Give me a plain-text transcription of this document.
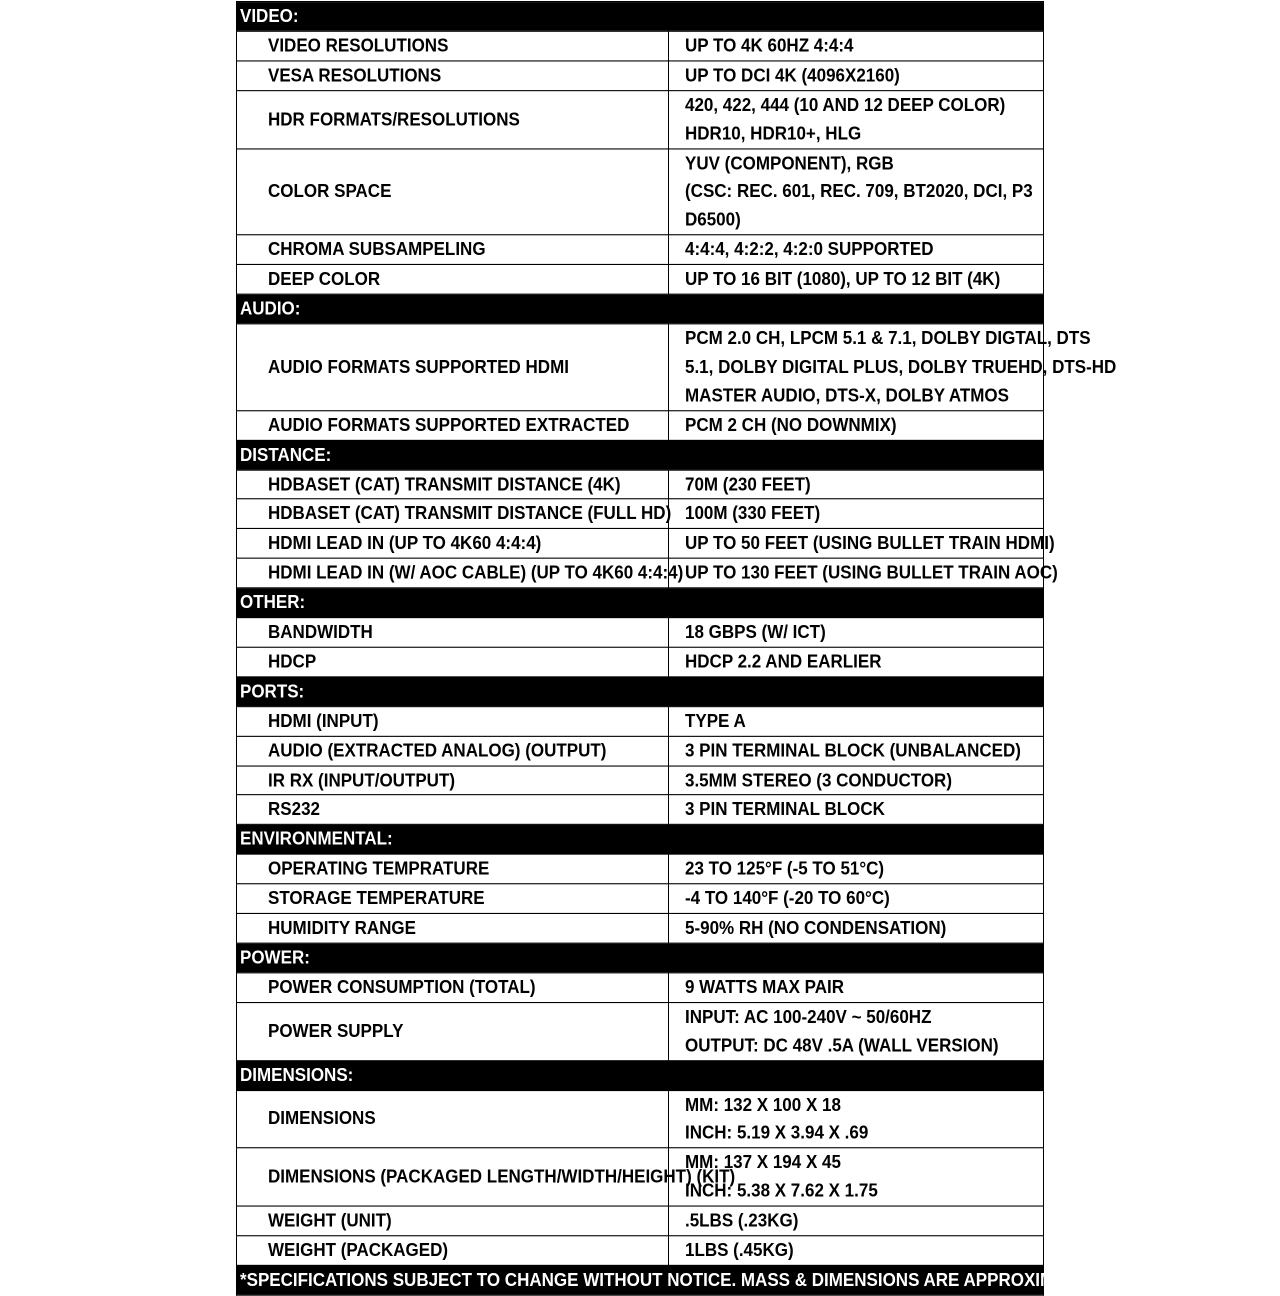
VIDEO:	
VIDEO RESOLUTIONS	UP TO 4K 60HZ 4:4:4

VESA RESOLUTIONS	UP TO DCI 4K (4096X2160)

HDR FORMATS/RESOLUTIONS	420, 422, 444 (10 AND 12 DEEP COLOR)
HDR10, HDR10+, HLG

COLOR SPACE	YUV (COMPONENT), RGB
(CSC: REC. 601, REC. 709, BT2020, DCI, P3
D6500)

CHROMA SUBSAMPELING	4:4:4, 4:2:2, 4:2:0 SUPPORTED

DEEP COLOR	UP TO 16 BIT (1080), UP TO 12 BIT (4K)

AUDIO:	
AUDIO FORMATS SUPPORTED HDMI	PCM 2.0 CH, LPCM 5.1 & 7.1, DOLBY DIGTAL, DTS
5.1, DOLBY DIGITAL PLUS, DOLBY TRUEHD, DTS-HD
MASTER AUDIO, DTS-X, DOLBY ATMOS

AUDIO FORMATS SUPPORTED EXTRACTED	PCM 2 CH (NO DOWNMIX)

DISTANCE:	
HDBASET (CAT) TRANSMIT DISTANCE (4K)	70M (230 FEET)

HDBASET (CAT) TRANSMIT DISTANCE (FULL HD)	100M (330 FEET)

HDMI LEAD IN (UP TO 4K60 4:4:4)	UP TO 50 FEET (USING BULLET TRAIN HDMI)

HDMI LEAD IN (W/ AOC CABLE) (UP TO 4K60 4:4:4)	UP TO 130 FEET (USING BULLET TRAIN AOC)

OTHER:	
BANDWIDTH	18 GBPS (W/ ICT)

HDCP	HDCP 2.2 AND EARLIER

PORTS:	
HDMI (INPUT)	TYPE A

AUDIO (EXTRACTED ANALOG) (OUTPUT)	3 PIN TERMINAL BLOCK (UNBALANCED)

IR RX (INPUT/OUTPUT)	3.5MM STEREO (3 CONDUCTOR)

RS232	3 PIN TERMINAL BLOCK

ENVIRONMENTAL:	
OPERATING TEMPRATURE	23 TO 125°F (-5 TO 51°C)

STORAGE TEMPERATURE	-4 TO 140°F (-20 TO 60°C)

HUMIDITY RANGE	5-90% RH (NO CONDENSATION)

POWER:	
POWER CONSUMPTION (TOTAL)	9 WATTS MAX PAIR

POWER SUPPLY	INPUT: AC 100-240V ~ 50/60HZ
OUTPUT: DC 48V .5A (WALL VERSION)

DIMENSIONS:	
DIMENSIONS	MM: 132 X 100 X 18
INCH: 5.19 X 3.94 X .69

DIMENSIONS (PACKAGED LENGTH/WIDTH/HEIGHT) (KIT)	MM: 137 X 194 X 45
INCH: 5.38 X 7.62 X 1.75

WEIGHT (UNIT)	.5LBS (.23KG)

WEIGHT (PACKAGED)	1LBS (.45KG)

*SPECIFICATIONS SUBJECT TO CHANGE WITHOUT NOTICE. MASS & DIMENSIONS ARE APPROXIMATE	
